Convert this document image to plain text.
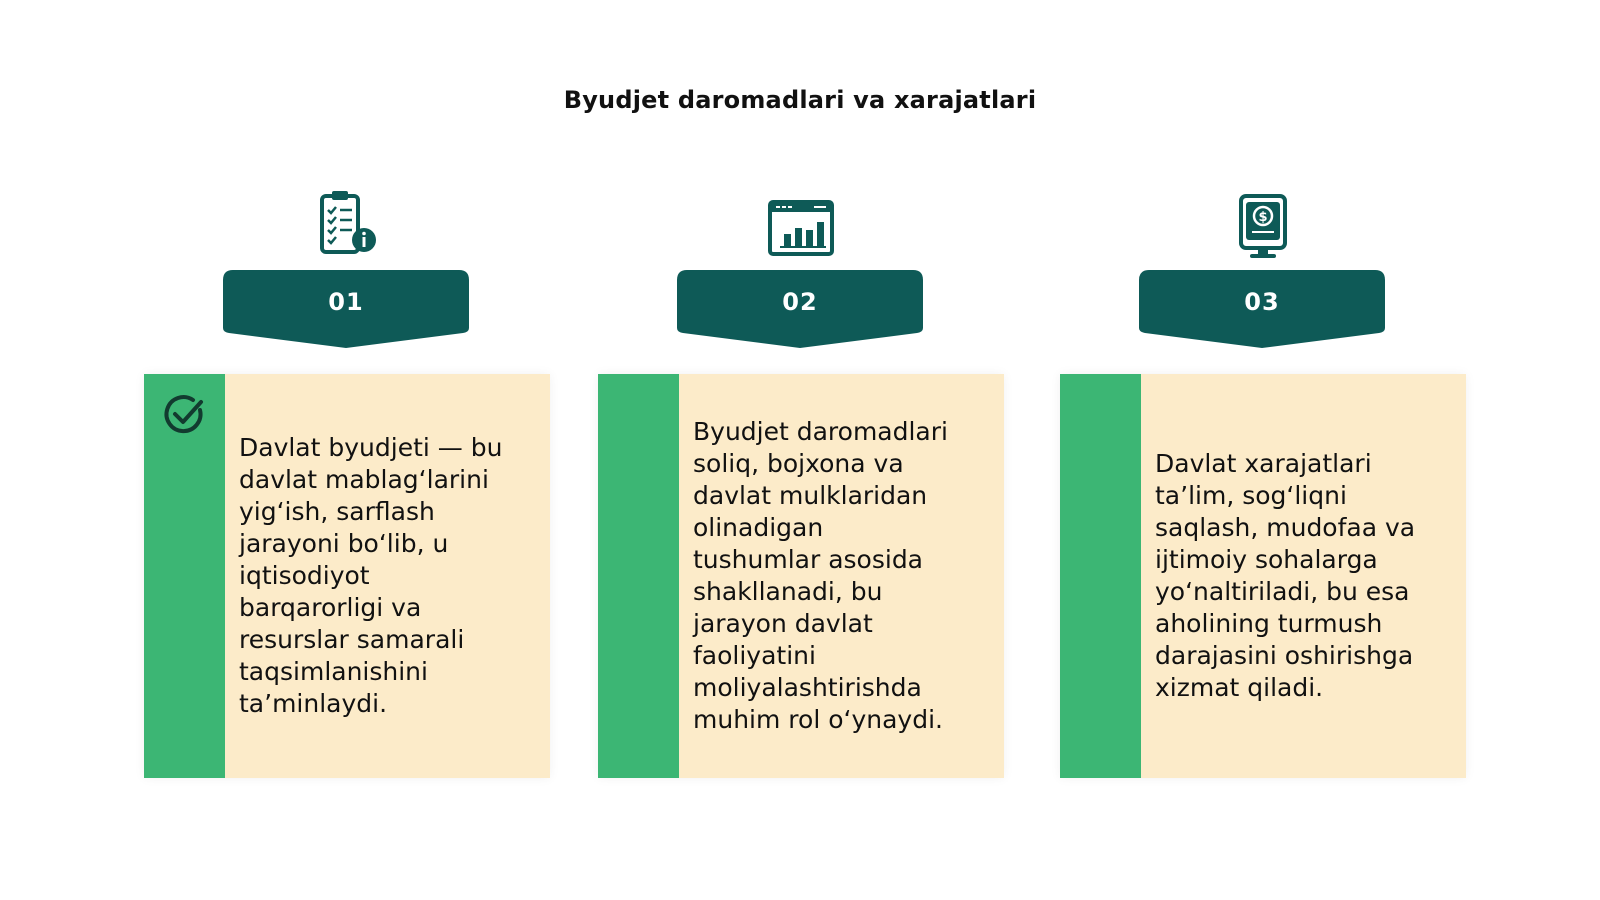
Byudjet daromadlari va xarajatlari
01
Davlat byudjeti — bu
davlat mablag‘larini
yig‘ish, sarflash
jarayoni bo‘lib, u
iqtisodiyot
barqarorligi va
resurslar samarali
taqsimlanishini
ta’minlaydi.
02
Byudjet daromadlari
soliq, bojxona va
davlat mulklaridan
olinadigan
tushumlar asosida
shakllanadi, bu
jarayon davlat
faoliyatini
moliyalashtirishda
muhim rol o‘ynaydi.
$
03
Davlat xarajatlari
ta’lim, sog‘liqni
saqlash, mudofaa va
ijtimoiy sohalarga
yo‘naltiriladi, bu esa
aholining turmush
darajasini oshirishga
xizmat qiladi.
